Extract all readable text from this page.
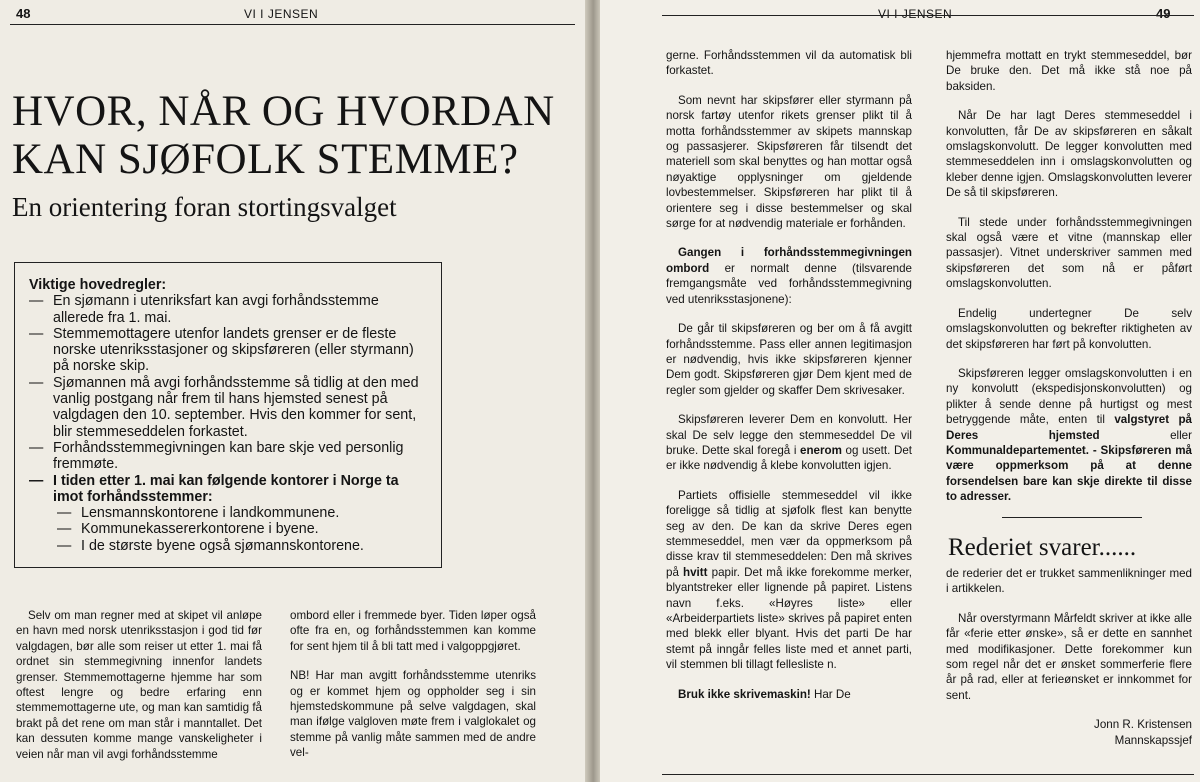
48	VI I JENSEN
HVOR, NÅR OG HVORDAN
KAN SJØFOLK STEMME?
En orientering foran stortingsvalget

Viktige hovedregler:

— En sjømann i utenriksfart kan avgi forhåndsstemme allerede fra 1. mai.

— Stemmemottagere utenfor landets grenser er de fleste norske utenriksstasjoner og skipsføreren (eller styrmann) på norske skip.

— Sjømannen må avgi forhåndsstemme så tidlig at den med vanlig postgang når frem til hans hjemsted senest på valgdagen den 10. september. Hvis den kommer for sent, blir stemmeseddelen forkastet.

— Forhåndsstemmegivningen kan bare skje ved personlig fremmøte.

— I tiden etter 1. mai kan følgende kontorer i Norge ta imot forhåndsstemmer:

— Lensmannskontorene i landkommunene.

— Kommunekassererkontorene i byene.

— I de største byene også sjømannskontorene.

Selv om man regner med at skipet vil anløpe en havn med norsk utenriksstasjon i god tid før valgdagen, bør alle som reiser ut etter 1. mai få ordnet sin stemmegivning innenfor landets grenser. Stemmemottagerne hjemme har som oftest lengre og bedre erfaring enn stemmemottagerne ute, og man kan samtidig få brakt på det rene om man står i manntallet. Det kan dessuten komme mange vanskeligheter i veien når man vil avgi forhåndsstemme

ombord eller i fremmede byer. Tiden løper også ofte fra en, og forhåndsstemmen kan komme for sent hjem til å bli tatt med i valgoppgjøret.

NB! Har man avgitt forhåndsstemme utenriks og er kommet hjem og oppholder seg i sin hjemstedskommune på selve valgdagen, skal man ifølge valgloven møte frem i valglokalet og stemme på vanlig måte sammen med de andre vel-

VI I JENSEN	49

gerne. Forhåndsstemmen vil da automatisk bli forkastet.

Som nevnt har skipsfører eller styrmann på norsk fartøy utenfor rikets grenser plikt til å motta forhåndsstemmer av skipets mannskap og passasjerer. Skipsføreren får tilsendt det materiell som skal benyttes og han mottar også nøyaktige opplysninger om gjeldende lovbestemmelser. Skipsføreren har plikt til å orientere seg i disse bestemmelser og skal sørge for at nødvendig materiale er forhånden.

Gangen i forhåndsstemmegivningen ombord er normalt denne (tilsvarende fremgangsmåte ved forhåndsstemmegivning ved utenriksstasjonene):

De går til skipsføreren og ber om å få avgitt forhåndsstemme. Pass eller annen legitimasjon er nødvendig, hvis ikke skipsføreren kjenner Dem godt. Skipsføreren gjør Dem kjent med de regler som gjelder og skaffer Dem skrivesaker.

Skipsføreren leverer Dem en konvolutt. Her skal De selv legge den stemmeseddel De vil bruke. Dette skal foregå i enerom og usett. Det er ikke nødvendig å klebe konvolutten igjen.

Partiets offisielle stemmeseddel vil ikke foreligge så tidlig at sjøfolk flest kan benytte seg av den. De kan da skrive Deres egen stemmeseddel, men vær da oppmerksom på disse krav til stemmeseddelen: Den må skrives på hvitt papir. Det må ikke forekomme merker, blyantstreker eller lignende på papiret. Listens navn f.eks. «Høyres liste» eller «Arbeiderpartiets liste» skrives på papiret enten med blekk eller blyant. Hvis det parti De har stemt på inngår felles liste med et annet parti, vil stemmen bli tillagt fellesliste n.

Bruk ikke skrivemaskin! Har De

hjemmefra mottatt en trykt stemmeseddel, bør De bruke den. Det må ikke stå noe på baksiden.

Når De har lagt Deres stemmeseddel i konvolutten, får De av skipsføreren en såkalt omslagskonvolutt. De legger konvolutten med stemmeseddelen inn i omslagskonvolutten og kleber denne igjen. Omslagskonvolutten leverer De så til skipsføreren.

Til stede under forhåndsstemmegivningen skal også være et vitne (mannskap eller passasjer). Vitnet underskriver sammen med skipsføreren det som nå er påført omslagskonvolutten.

Endelig undertegner De selv omslagskonvolutten og bekrefter riktigheten av det skipsføreren har ført på konvolutten.

Skipsføreren legger omslagskonvolutten i en ny konvolutt (ekspedisjonskonvolutten) og plikter å sende denne på hurtigst og mest betryggende måte, enten til valgstyret på Deres hjemsted eller Kommunaldepartementet. - Skipsføreren må være oppmerksom på at denne forsendelsen bare kan skje direkte til disse to adresser.

Rederiet svarer......

de rederier det er trukket sammenlikninger med i artikkelen.

Når overstyrmann Mårfeldt skriver at ikke alle får «ferie etter ønske», så er dette en sannhet med modifikasjoner. Dette forekommer kun som regel når det er ønsket sommerferie flere år på rad, eller at ferieønsket er innkommet for sent.

Jonn R. Kristensen

Mannskapssjef
